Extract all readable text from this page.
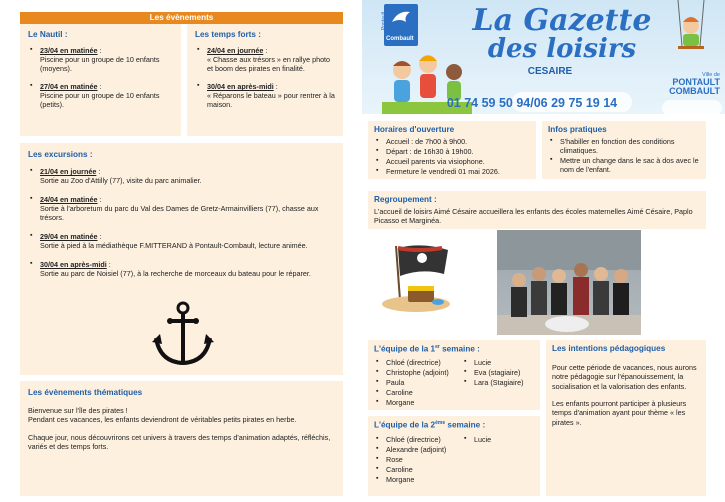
Les évènements
Le Nautil :
▪ 23/04 en matinée :
Piscine pour un groupe de 10 enfants (moyens).
▪ 27/04 en matinée :
Piscine pour un groupe de 10 enfants (petits).
Les temps forts :
▪ 24/04 en journée :
« Chasse aux trésors » en rallye photo et boom des pirates en finalité.
▪ 30/04 en après-midi :
« Réparons le bateau » pour rentrer à la maison.
Les excursions :
▪ 21/04 en journée :
Sortie au Zoo d'Attilly (77), visite du parc animalier.
▪ 24/04 en matinée :
Sortie à l'arboretum du parc du Val des Dames de Gretz-Armainvilliers (77), chasse aux trésors.
▪ 29/04 en matinée :
Sortie à pied à la médiathèque F.MITTERAND à Pontault-Combault, lecture animée.
▪ 30/04 en après-midi :
Sortie au parc de Noisiel (77), à la recherche de morceaux du bateau pour le réparer.
Les évènements thématiques

Bienvenue sur l'île des pirates !

Pendant ces vacances, les enfants deviendront de véritables petits pirates en herbe.

Chaque jour, nous découvrirons cet univers à travers des temps d'animation adaptés, réfléchis, variés et des temps forts.

Pontault
Combault
La Gazette
des loisirs
CESAIRE
01 74 59 50 94/06 29 75 19 14
Ville de
PONTAULT
COMBAULT
Horaires d'ouverture
▪ Accueil : de 7h00 à 9h00.
▪ Départ : de 16h30 à 19h00.
▪ Accueil parents via visiophone.
▪ Fermeture le vendredi 01 mai 2026.
Infos pratiques
▪ S'habiller en fonction des conditions climatiques.
▪ Mettre un change dans le sac à dos avec le nom de l'enfant.
Regroupement :

L'accueil de loisirs Aimé Césaire accueillera les enfants des écoles maternelles Aimé Césaire, Paplo Picasso et Marginéa.

L'équipe de la 1er semaine :
▪ Chloé (directrice)
▪ Christophe (adjoint)
▪ Paula
▪ Caroline
▪ Morgane
▪ Lucie
▪ Eva (stagiaire)
▪ Lara (Stagiaire)
L'équipe de la 2ème semaine :
▪ Chloé (directrice)
▪ Alexandre (adjoint)
▪ Rose
▪ Caroline
▪ Morgane
▪ Lucie
Les intentions pédagogiques

Pour cette période de vacances, nous aurons notre pédagogie sur l'épanouissement, la socialisation et la valorisation des enfants.

Les enfants pourront participer à plusieurs temps d'animation ayant pour thème « les pirates ».
